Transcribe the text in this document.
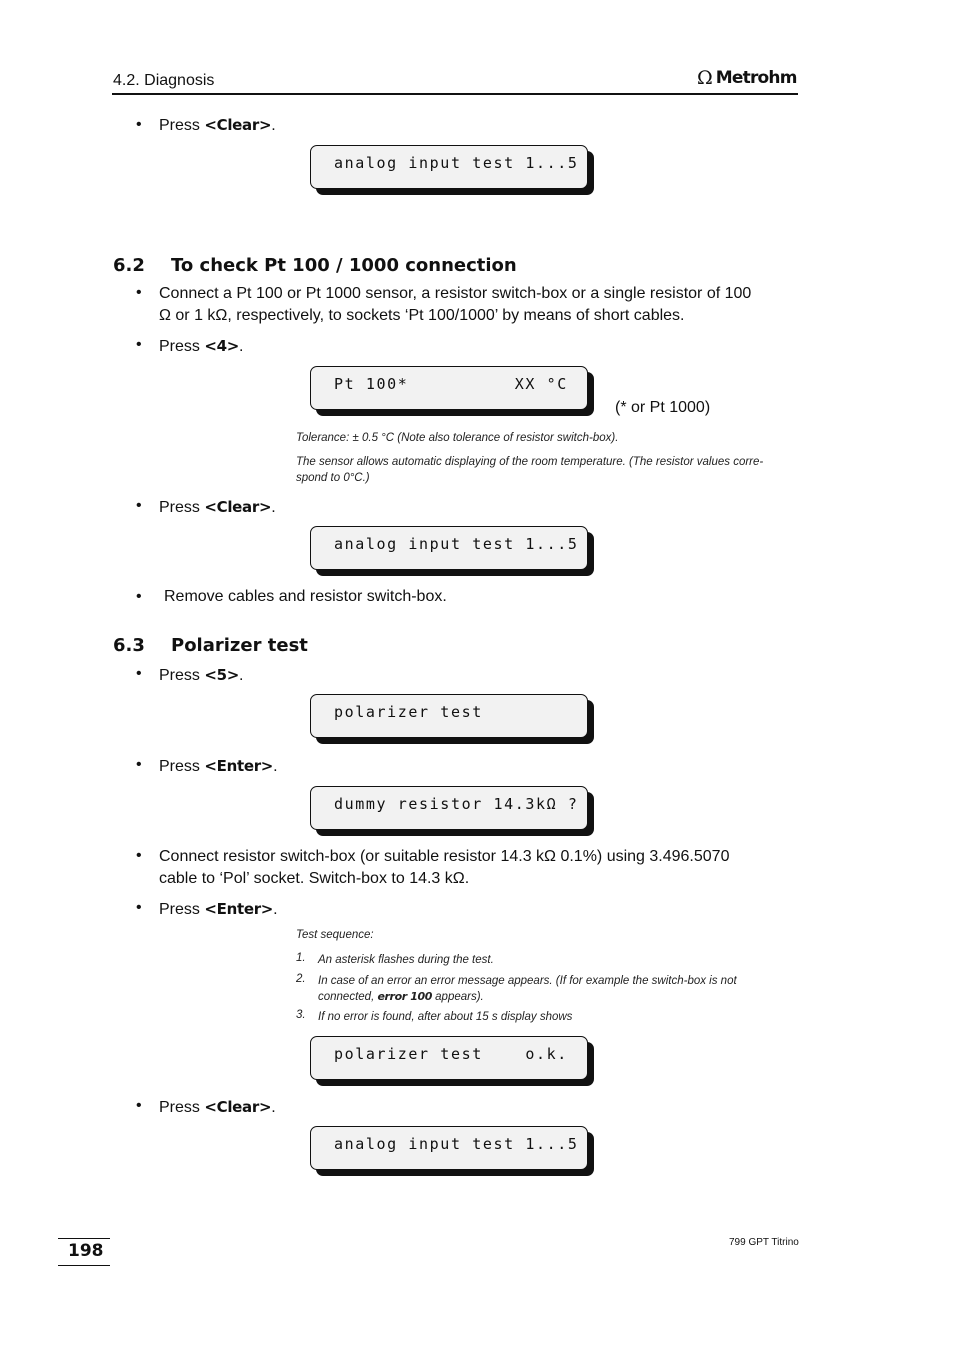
4.2. Diagnosis	Ω Metrohm
• Press <Clear>.
analog input test 1...5
6.2 To check Pt 100 / 1000 connection
• Connect a Pt 100 or Pt 1000 sensor, a resistor switch-box or a single resistor of 100
Ω or 1 kΩ, respectively, to sockets ‘Pt 100/1000’ by means of short cables.
• Press <4>.
Pt 100*          XX °C
(* or Pt 1000)
Tolerance: ± 0.5 °C (Note also tolerance of resistor switch-box).
The sensor allows automatic displaying of the room temperature. (The resistor values corre-
spond to 0°C.)
• Press <Clear>.
analog input test 1...5
• Remove cables and resistor switch-box.
6.3 Polarizer test
• Press <5>.
polarizer test
• Press <Enter>.
dummy resistor 14.3kΩ ?
• Connect resistor switch-box (or suitable resistor 14.3 kΩ 0.1%) using 3.496.5070
cable to ‘Pol’ socket. Switch-box to 14.3 kΩ.
• Press <Enter>.
Test sequence:
1. An asterisk flashes during the test.
2. In case of an error an error message appears. (If for example the switch-box is not
connected, error 100 appears).
3. If no error is found, after about 15 s display shows
polarizer test    o.k.
• Press <Clear>.
analog input test 1...5
198	799 GPT Titrino
